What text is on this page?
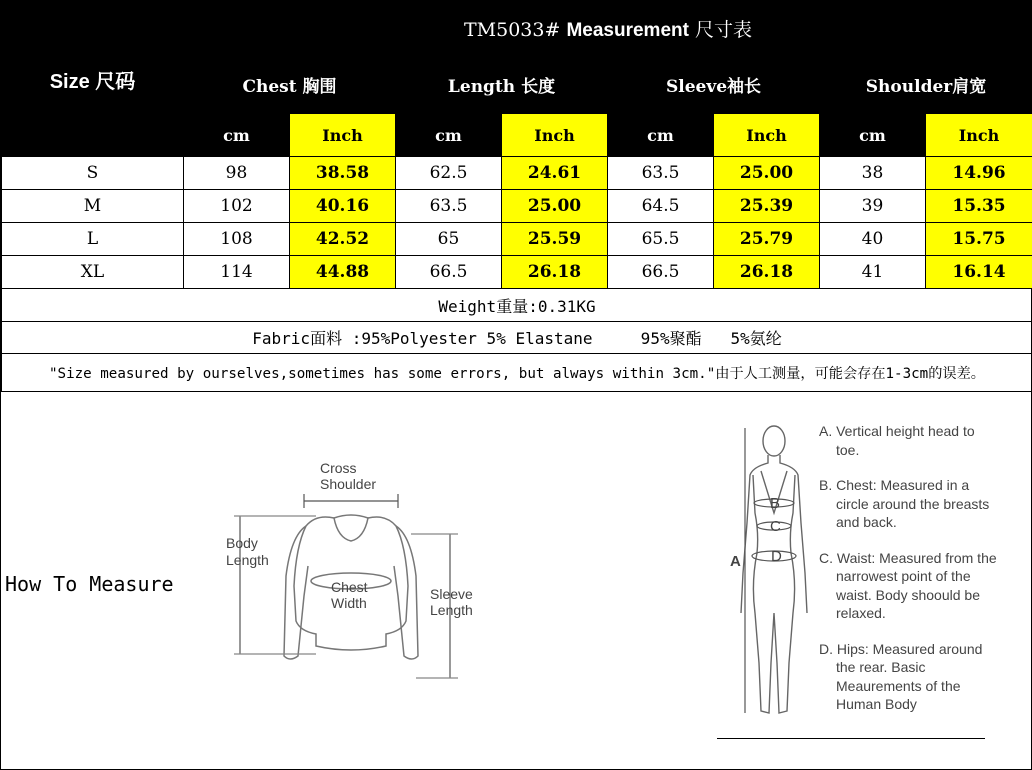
Size 尺码	TM5033# Measurement 尺寸表							
	Chest 胸围		Length 长度		Sleeve袖长		Shoulder肩宽	
	cm	Inch	cm	Inch	cm	Inch	cm	Inch
S	98	38.58	62.5	24.61	63.5	25.00	38	14.96
M	102	40.16	63.5	25.00	64.5	25.39	39	15.35
L	108	42.52	65	25.59	65.5	25.79	40	15.75
XL	114	44.88	66.5	26.18	66.5	26.18	41	16.14
Weight重量:0.31KG								
Fabric面料 :95%Polyester 5% Elastane     95%聚酯   5%氨纶								
"Size measured by ourselves,sometimes has some errors, but always within 3cm."由于人工测量，可能会存在1-3cm的误差。								
How To Measure
Cross
Shoulder
Body
Length
Chest
Width
Sleeve
Length
A
B
C
D

A. Vertical height head to toe.

B. Chest: Measured in a circle around the breasts and back.

C. Waist: Measured from the narrowest point of the waist. Body shoould be relaxed.

D. Hips: Measured around the rear. Basic Meaurements of the Human Body
